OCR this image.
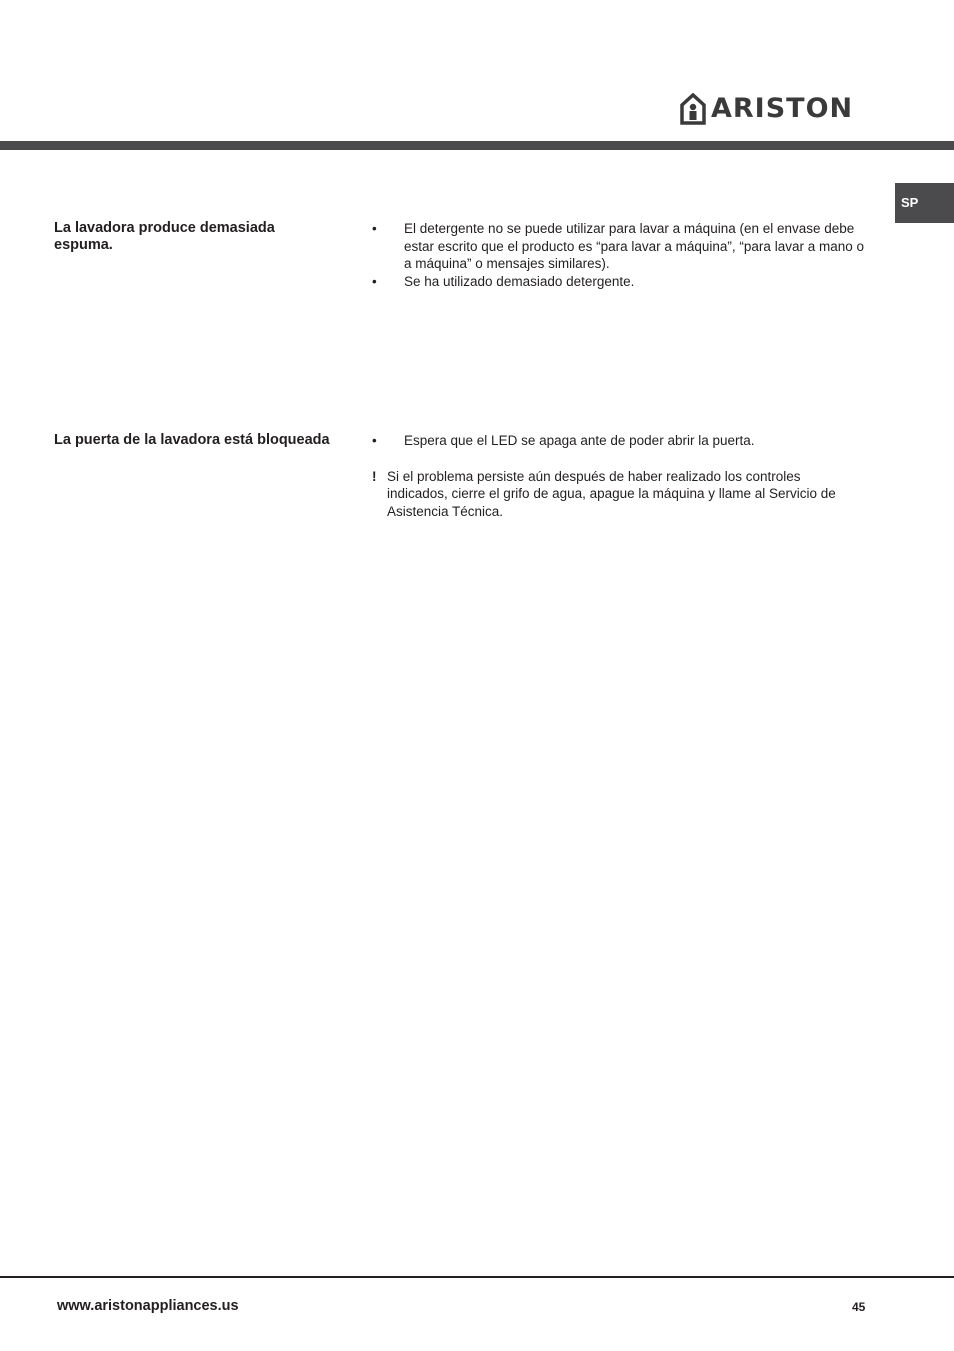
ARISTON
SP
La lavadora produce demasiada espuma.

• El detergente no se puede utilizar para lavar a máquina (en el envase debe estar escrito que el producto es “para lavar a máquina”, “para lavar a mano o a máquina” o mensajes similares).

• Se ha utilizado demasiado detergente.

La puerta de la lavadora está bloqueada	• Espera que el LED se apaga ante de poder abrir la puerta.

! Si el problema persiste aún después de haber realizado los controles indicados, cierre el grifo de agua, apague la máquina y llame al Servicio de Asistencia Técnica.
www.aristonappliances.us	45
